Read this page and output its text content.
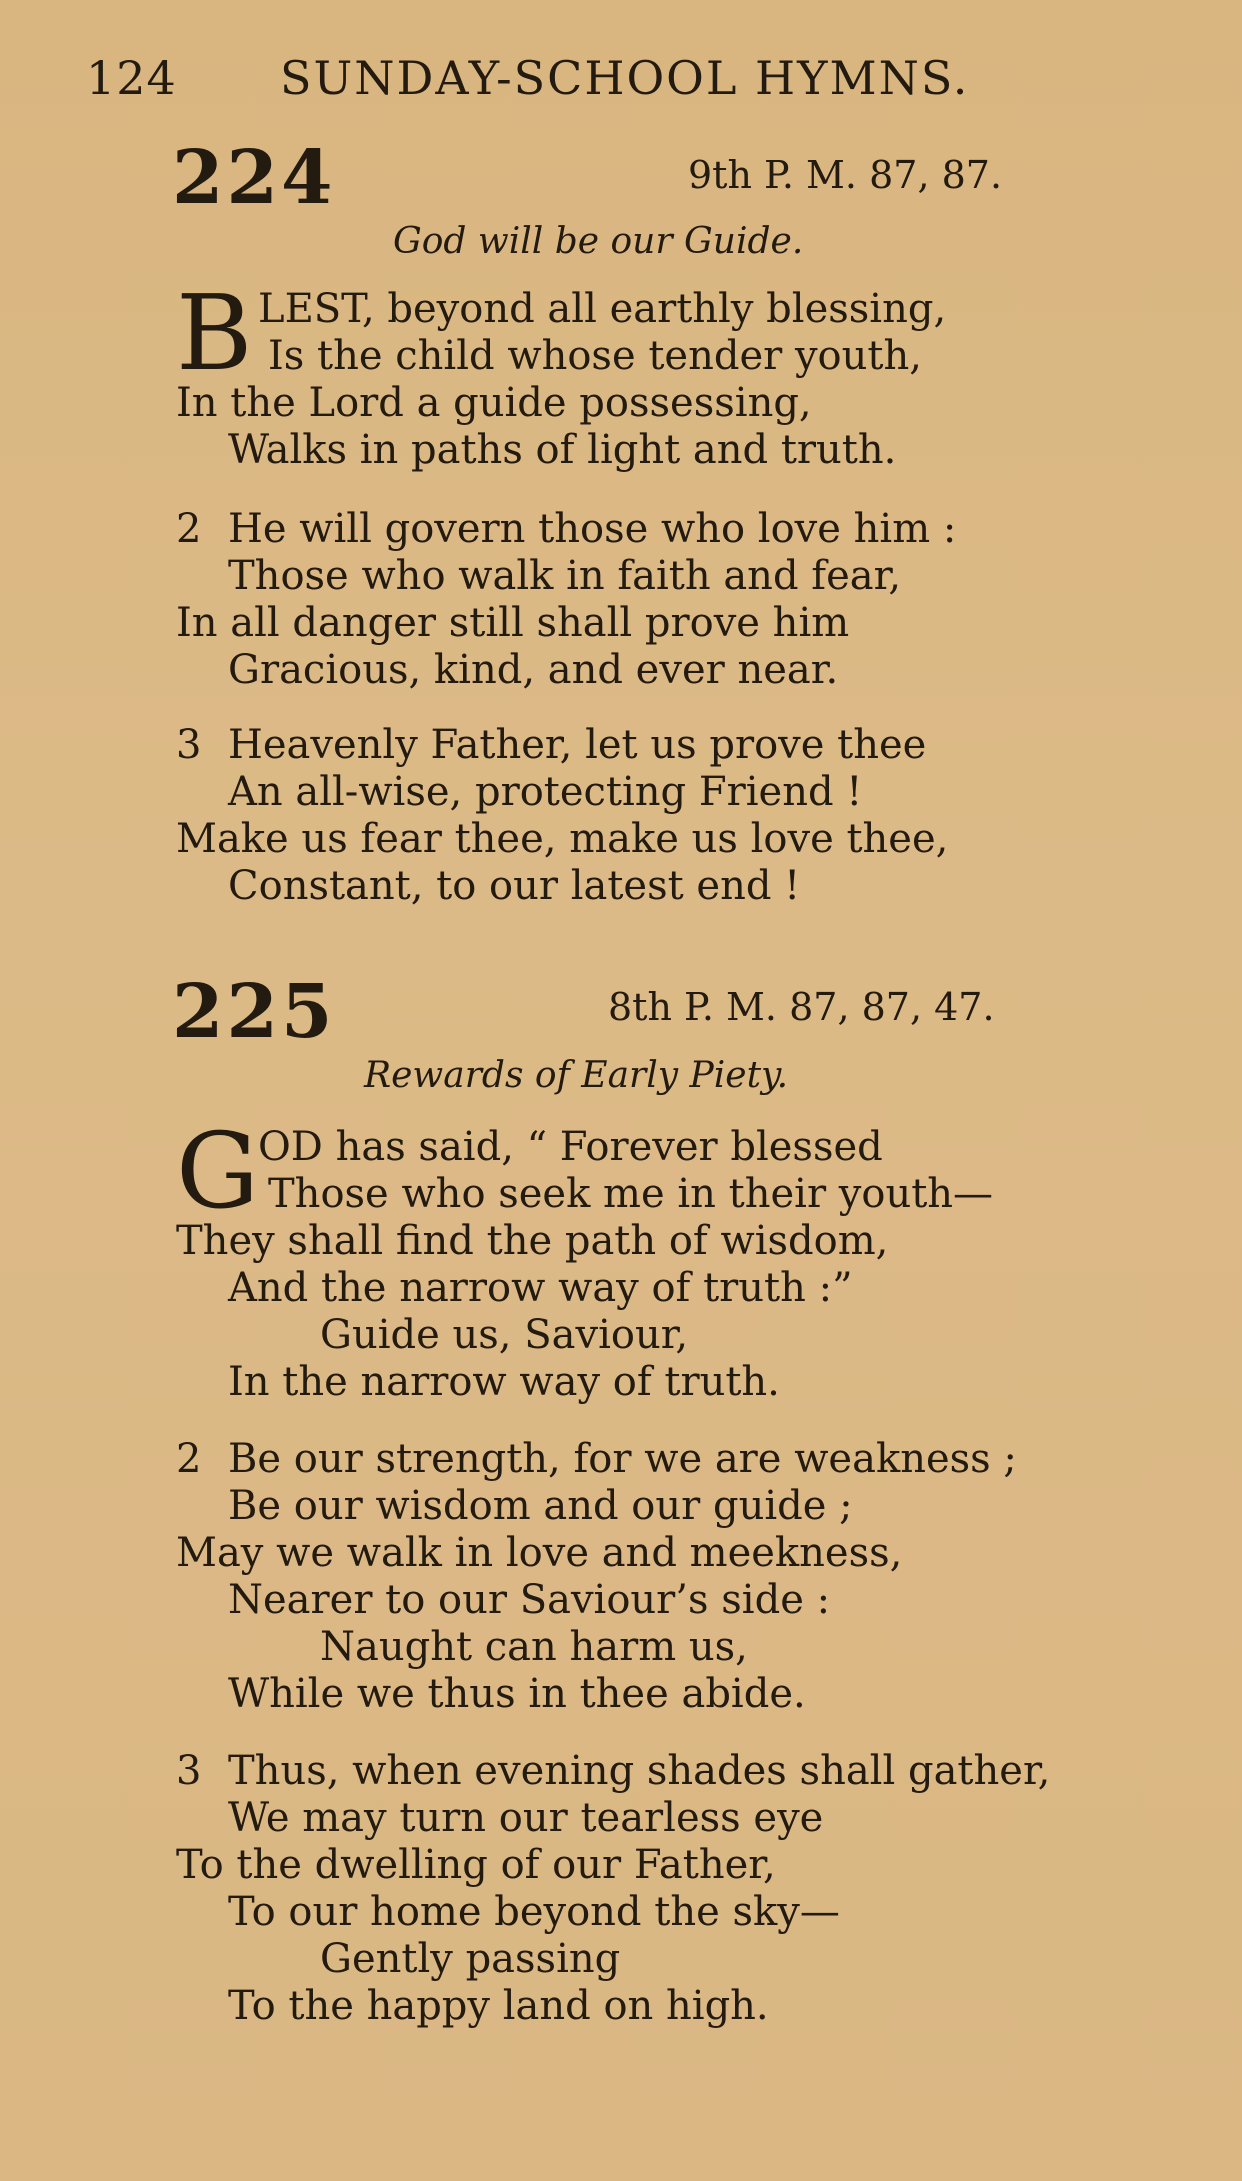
124 SUNDAY-SCHOOL HYMNS.
224	9th P. M. 87, 87.
God will be our Guide.
B LEST, beyond all earthly blessing,
Is the child whose tender youth,
In the Lord a guide possessing,
Walks in paths of light and truth.
2 He will govern those who love him :
Those who walk in faith and fear,
In all danger still shall prove him
Gracious, kind, and ever near.
3 Heavenly Father, let us prove thee
An all-wise, protecting Friend !
Make us fear thee, make us love thee,
Constant, to our latest end !
225	8th P. M. 87, 87, 47.
Rewards of Early Piety.
G
OD has said, “ Forever blessed
Those who seek me in their youth—
They shall find the path of wisdom,
And the narrow way of truth :”
Guide us, Saviour,
In the narrow way of truth.
2 Be our strength, for we are weakness ;
Be our wisdom and our guide ;
May we walk in love and meekness,
Nearer to our Saviour’s side :
Naught can harm us,
While we thus in thee abide.
3 Thus, when evening shades shall gather,
We may turn our tearless eye
To the dwelling of our Father,
To our home beyond the sky—
Gently passing
To the happy land on high.
